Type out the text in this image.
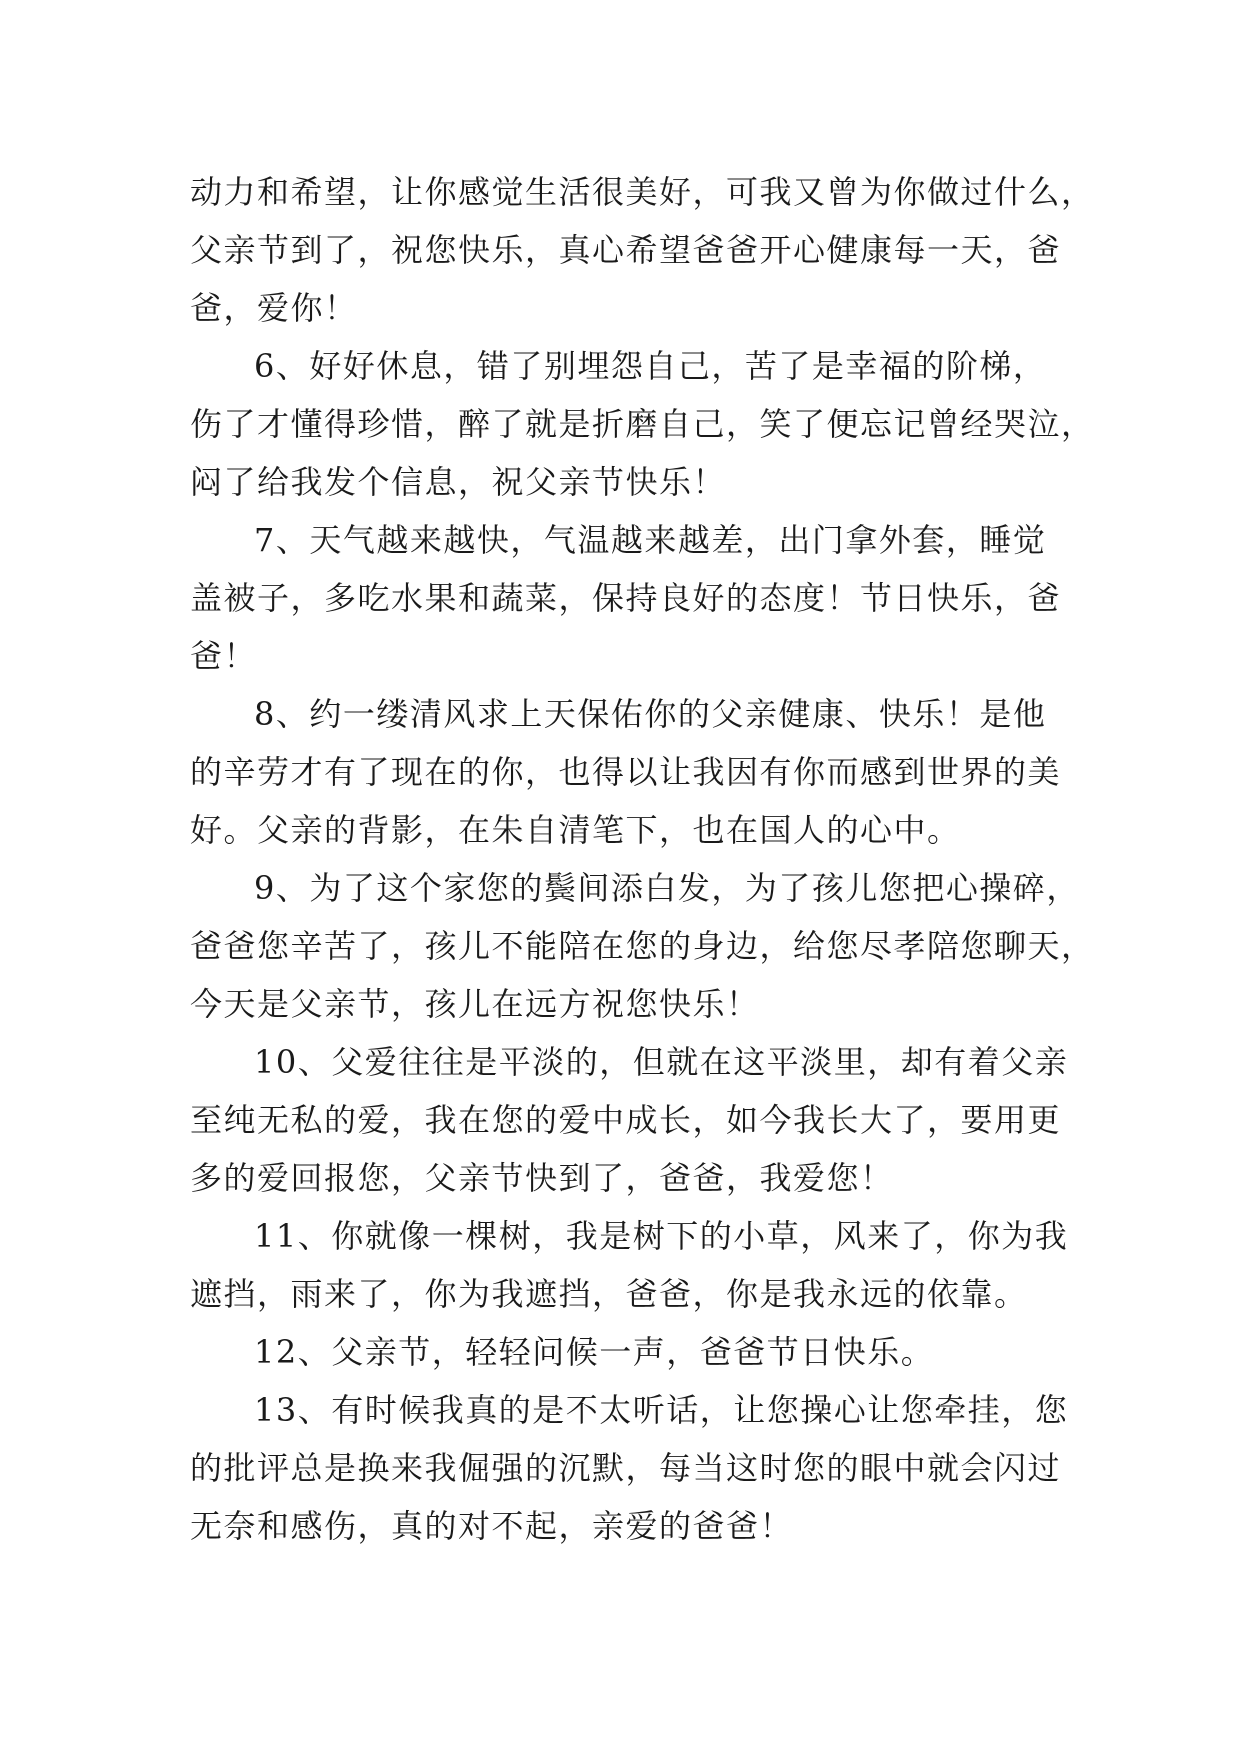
动力和希望，让你感觉生活很美好，可我又曾为你做过什么，
父亲节到了，祝您快乐，真心希望爸爸开心健康每一天，爸
爸，爱你！

6、好好休息，错了别埋怨自己，苦了是幸福的阶梯，
伤了才懂得珍惜，醉了就是折磨自己，笑了便忘记曾经哭泣，
闷了给我发个信息，祝父亲节快乐！

7、天气越来越快，气温越来越差，出门拿外套，睡觉
盖被子，多吃水果和蔬菜，保持良好的态度！节日快乐，爸
爸！

8、约一缕清风求上天保佑你的父亲健康、快乐！是他
的辛劳才有了现在的你，也得以让我因有你而感到世界的美
好。父亲的背影，在朱自清笔下，也在国人的心中。

9、为了这个家您的鬓间添白发，为了孩儿您把心操碎，
爸爸您辛苦了，孩儿不能陪在您的身边，给您尽孝陪您聊天，
今天是父亲节，孩儿在远方祝您快乐！

10、父爱往往是平淡的，但就在这平淡里，却有着父亲
至纯无私的爱，我在您的爱中成长，如今我长大了，要用更
多的爱回报您，父亲节快到了，爸爸，我爱您！

11、你就像一棵树，我是树下的小草，风来了，你为我
遮挡，雨来了，你为我遮挡，爸爸，你是我永远的依靠。

12、父亲节，轻轻问候一声，爸爸节日快乐。

13、有时候我真的是不太听话，让您操心让您牵挂，您
的批评总是换来我倔强的沉默，每当这时您的眼中就会闪过
无奈和感伤，真的对不起，亲爱的爸爸！
